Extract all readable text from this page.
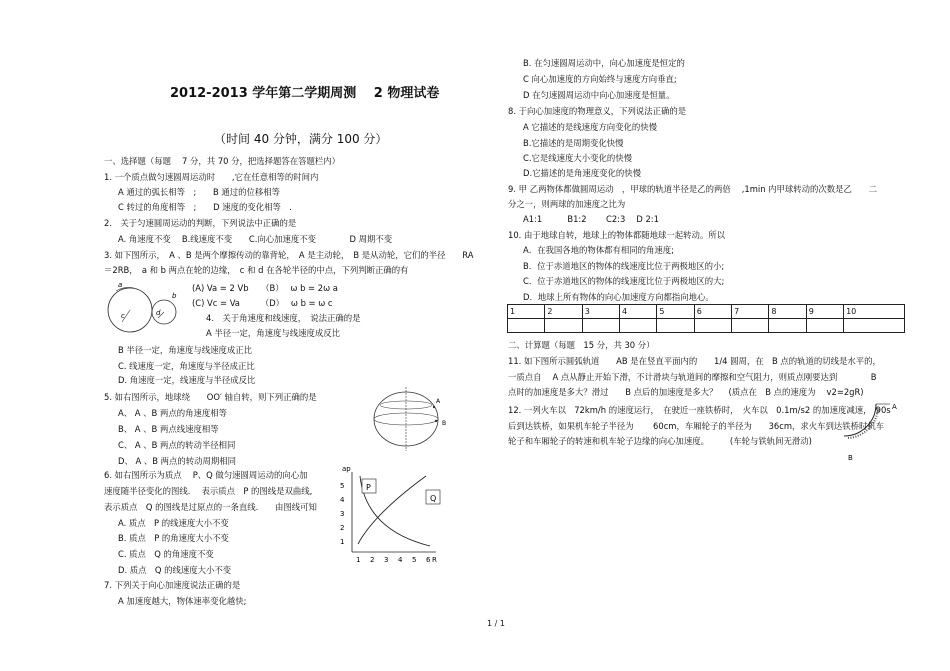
2012-2013 学年第二学期周测　 2 物理试卷
（时间 40 分钟，满分 100 分）
一、选择题（每题　 7 分，共 70 分，把选择题答在答题栏内）
1. 一个质点做匀速圆周运动时　　,它在任意相等的时间内
A 通过的弧长相等　;　　B 通过的位移相等
C 转过的角度相等　;　　D 速度的变化相等　.
2.　关于匀速圆周运动的判断，下列说法中正确的是
A. 角速度不变　 B.线速度不变　　C.向心加速度不变　　　　D 周期不变
3. 如下图所示，　A 、B 是两个摩擦传动的靠背轮，　A 是主动轮，　B 是从动轮，它们的半径　　RA
＝2RB，　a 和 b 两点在轮的边缘，　c 和 d 在各轮半径的中点，下列判断正确的有
(A) Va = 2 Vb　　（B）　 ω b = 2ω a
(C) Vc = Va　　　（D）　 ω b = ω c
4.　关于角速度和线速度，　说法正确的是
A 半径一定，角速度与线速度成反比
B 半径一定，角速度与线速度成正比
C. 线速度一定，角速度与半径成正比
D. 角速度一定，线速度与半径成反比
5. 如右图所示，地球绕　　OO′ 轴自转，则下列正确的是
A、 A 、B 两点的角速度相等
B、 A 、B 两点线速度相等
C、 A 、B 两点的转动半径相同
D、 A 、B 两点的转动周期相同
6. 如右图所示为质点　 P、Q 做匀速圆周运动的向心加
速度随半径变化的图线.　 表示质点　P 的图线是双曲线,
表示质点　Q 的图线是过原点的一条直线.　　由图线可知
A. 质点　P 的线速度大小不变
B. 质点　P 的角速度大小不变
C. 质点　Q 的角速度不变
D. 质点　Q 的线速度大小不变
7. 下列关于向心加速度说法正确的是
A 加速度越大，物体速率变化越快;
B. 在匀速圆周运动中，向心加速度是恒定的
C 向心加速度的方向始终与速度方向垂直;
D 在匀速圆周运动中向心加速度是恒量。
8. 于向心加速度的物理意义，下列说法正确的是
A 它描述的是线速度方向变化的快慢
B.它描述的是周期变化快慢
C.它是线速度大小变化的快慢
D.它描述的是角速度变化的快慢
9. 甲 乙两物体都做圆周运动　，甲球的轨道半径是乙的两倍　 ,1min 内甲球转动的次数是乙　　二
分之一，则两球的加速度之比为
A1:1　　　B1:2　　 C2:3　 D 2:1
10. 由于地球自转，地球上的物体都随地球一起转动。所以
A．在我国各地的物体都有相同的角速度;
B．位于赤道地区的物体的线速度比位于两极地区的小;
C．位于赤道地区的物体的线速度比位于两极地区的大;
D．地球上所有物体的向心加速度方向都指向地心。
二、计算题（每题　15 分，共 30 分）
11. 如下图所示圆弧轨道　　AB 是在竖直平面内的　　1/4 圆周，在　B 点的轨道的切线是水平的，
一质点自　 A 点从静止开始下滑，不计滑块与轨道间的摩擦和空气阻力，则质点刚要达到　　　　B
点时的加速度是多大？滑过　　B 点后的加速度是多大？　 (质点在　B 点的速度为　 v2=2gR)
12. 一列火车以　72km/h 的速度运行，　在驶近一座铁桥时，　火车以　0.1m/s2 的加速度减速，　90s
后到达铁桥，如果机车轮子半径为　　 60cm，车厢轮子的半径为　　36cm，求火车到达铁桥时机车
轮子和车厢轮子的转速和机车轮子边缘的向心加速度。　　　(车轮与铁轨间无滑动)
1	2	3	4	5	6	7	8	9	10

a
b
c	d
A
B
ap
R
5
4
3
2
1
1 2 3 4 5 6
P
Q
A
B
1 / 1
